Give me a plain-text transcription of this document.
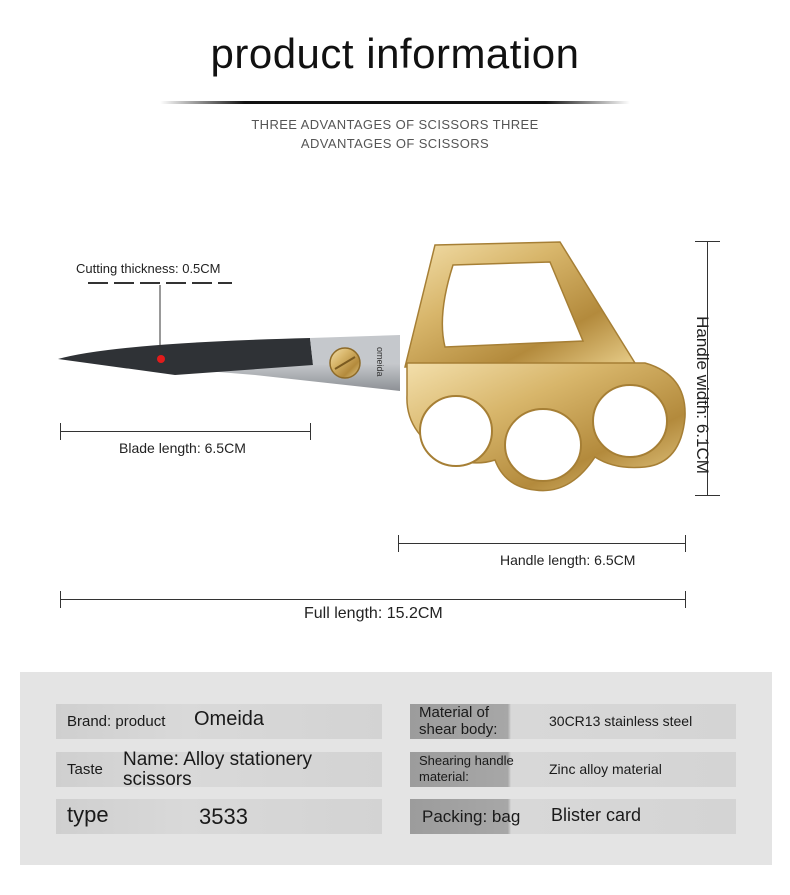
product information
THREE ADVANTAGES OF SCISSORS THREE
ADVANTAGES OF SCISSORS
omeida
Cutting thickness: 0.5CM
Blade length: 6.5CM	Handle width: 6.1CM
Handle length: 6.5CM
Full length: 15.2CM
Brand: product Omeida
Taste Name: Alloy stationery
scissors
type	3533
Material of
shear body:	30CR13 stainless steel
Shearing handle
material:	Zinc alloy material
Packing: bag Blister card
